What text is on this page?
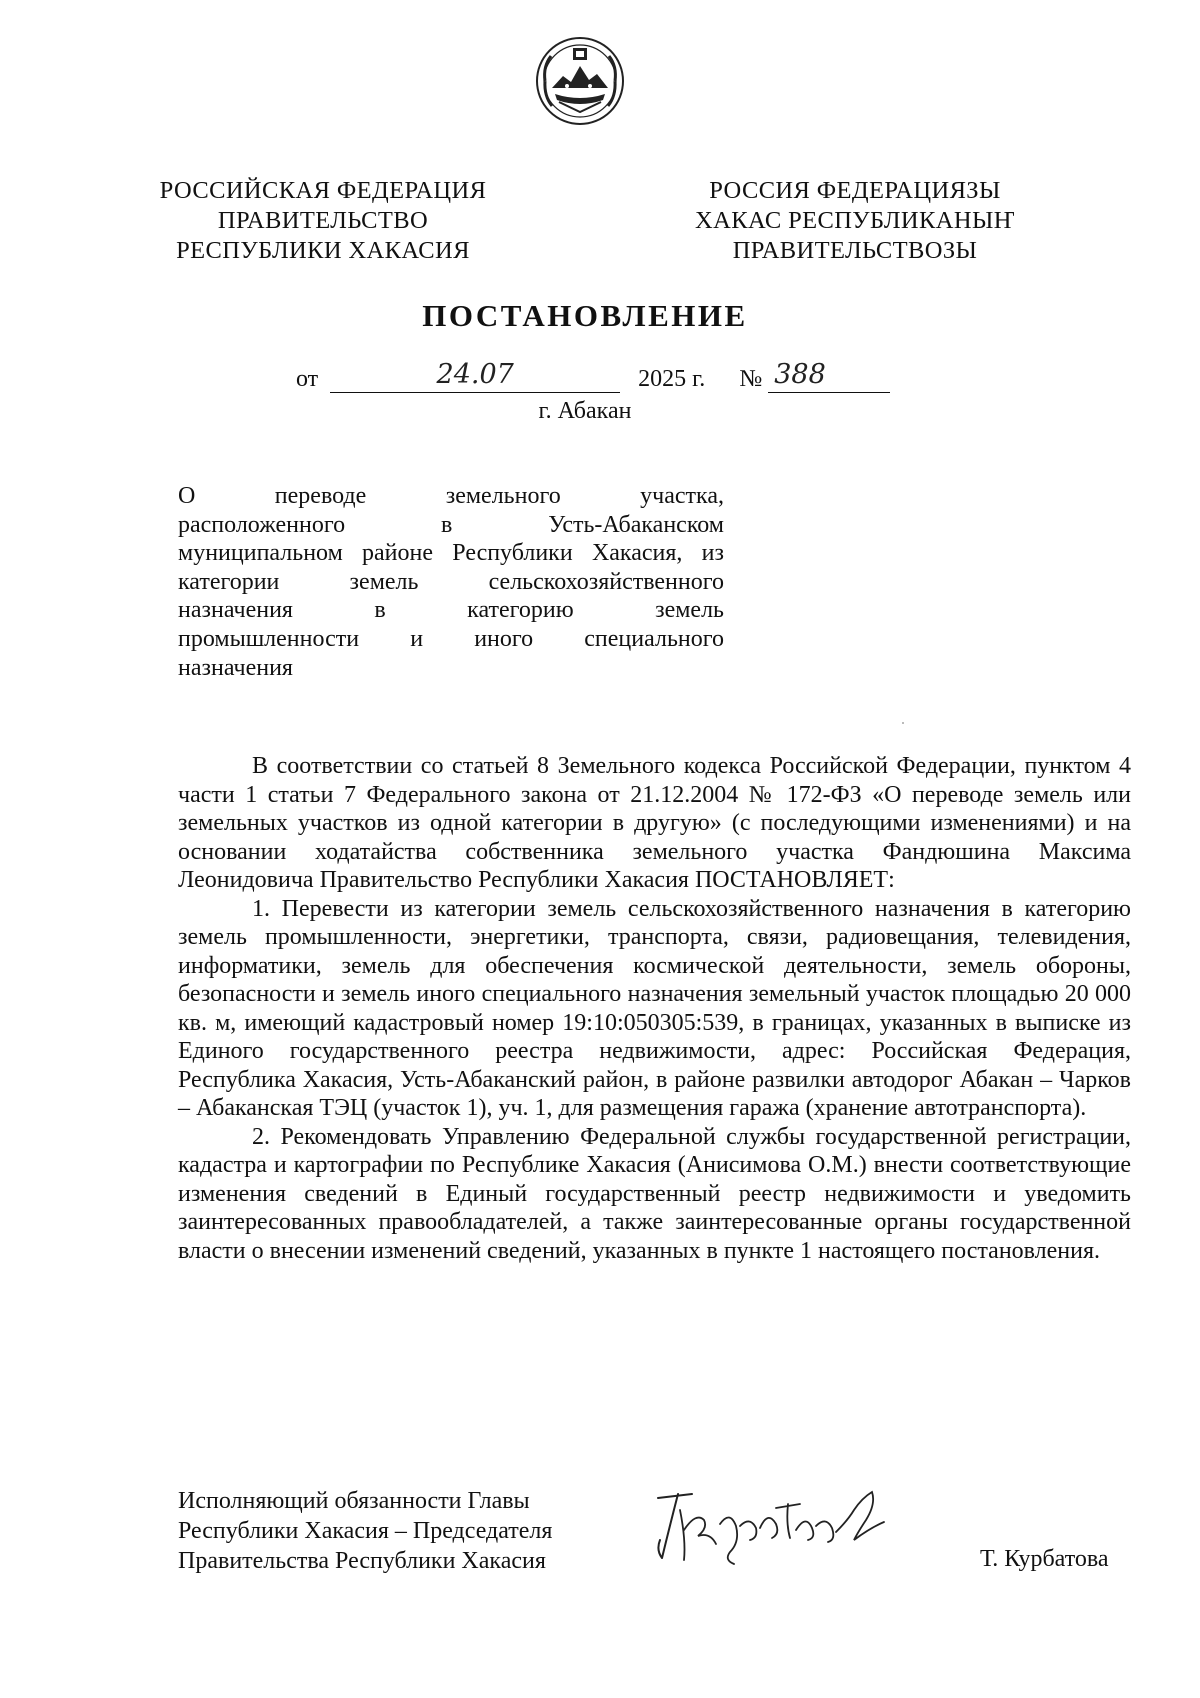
РОССИЙСКАЯ ФЕДЕРАЦИЯ
ПРАВИТЕЛЬСТВО
РЕСПУБЛИКИ ХАКАСИЯ
РОССИЯ ФЕДЕРАЦИЯЗЫ
ХАКАС РЕСПУБЛИКАНЫҤ
ПРАВИТЕЛЬСТВОЗЫ
ПОСТАНОВЛЕНИЕ
от	24.07	2025 г. № 388
г. Абакан
О переводе земельного участка,
расположенного в Усть-Абаканском
муниципальном районе Республики Хакасия, из
категории земель сельскохозяйственного
назначения в категорию земель
промышленности и иного специального
назначения

В соответствии со статьей 8 Земельного кодекса Российской Федерации, пунктом 4 части 1 статьи 7 Федерального закона от 21.12.2004 № 172-ФЗ «О переводе земель или земельных участков из одной категории в другую» (с последующими изменениями) и на основании ходатайства собственника земельного участка Фандюшина Максима Леонидовича Правительство Республики Хакасия ПОСТАНОВЛЯЕТ:

1. Перевести из категории земель сельскохозяйственного назначения в категорию земель промышленности, энергетики, транспорта, связи, радиовещания, телевидения, информатики, земель для обеспечения космической деятельности, земель обороны, безопасности и земель иного специального назначения земельный участок площадью 20 000 кв. м, имеющий кадастровый номер 19:10:050305:539, в границах, указанных в выписке из Единого государственного реестра недвижимости, адрес: Российская Федерация, Республика Хакасия, Усть-Абаканский район, в районе развилки автодорог Абакан – Чарков – Абаканская ТЭЦ (участок 1), уч. 1, для размещения гаража (хранение автотранспорта).

2. Рекомендовать Управлению Федеральной службы государственной регистрации, кадастра и картографии по Республике Хакасия (Анисимова О.М.) внести соответствующие изменения сведений в Единый государственный реестр недвижимости и уведомить заинтересованных правообладателей, а также заинтересованные органы государственной власти о внесении изменений сведений, указанных в пункте 1 настоящего постановления.

Исполняющий обязанности Главы
Республики Хакасия – Председателя
Правительства Республики Хакасия	Т. Курбатова
